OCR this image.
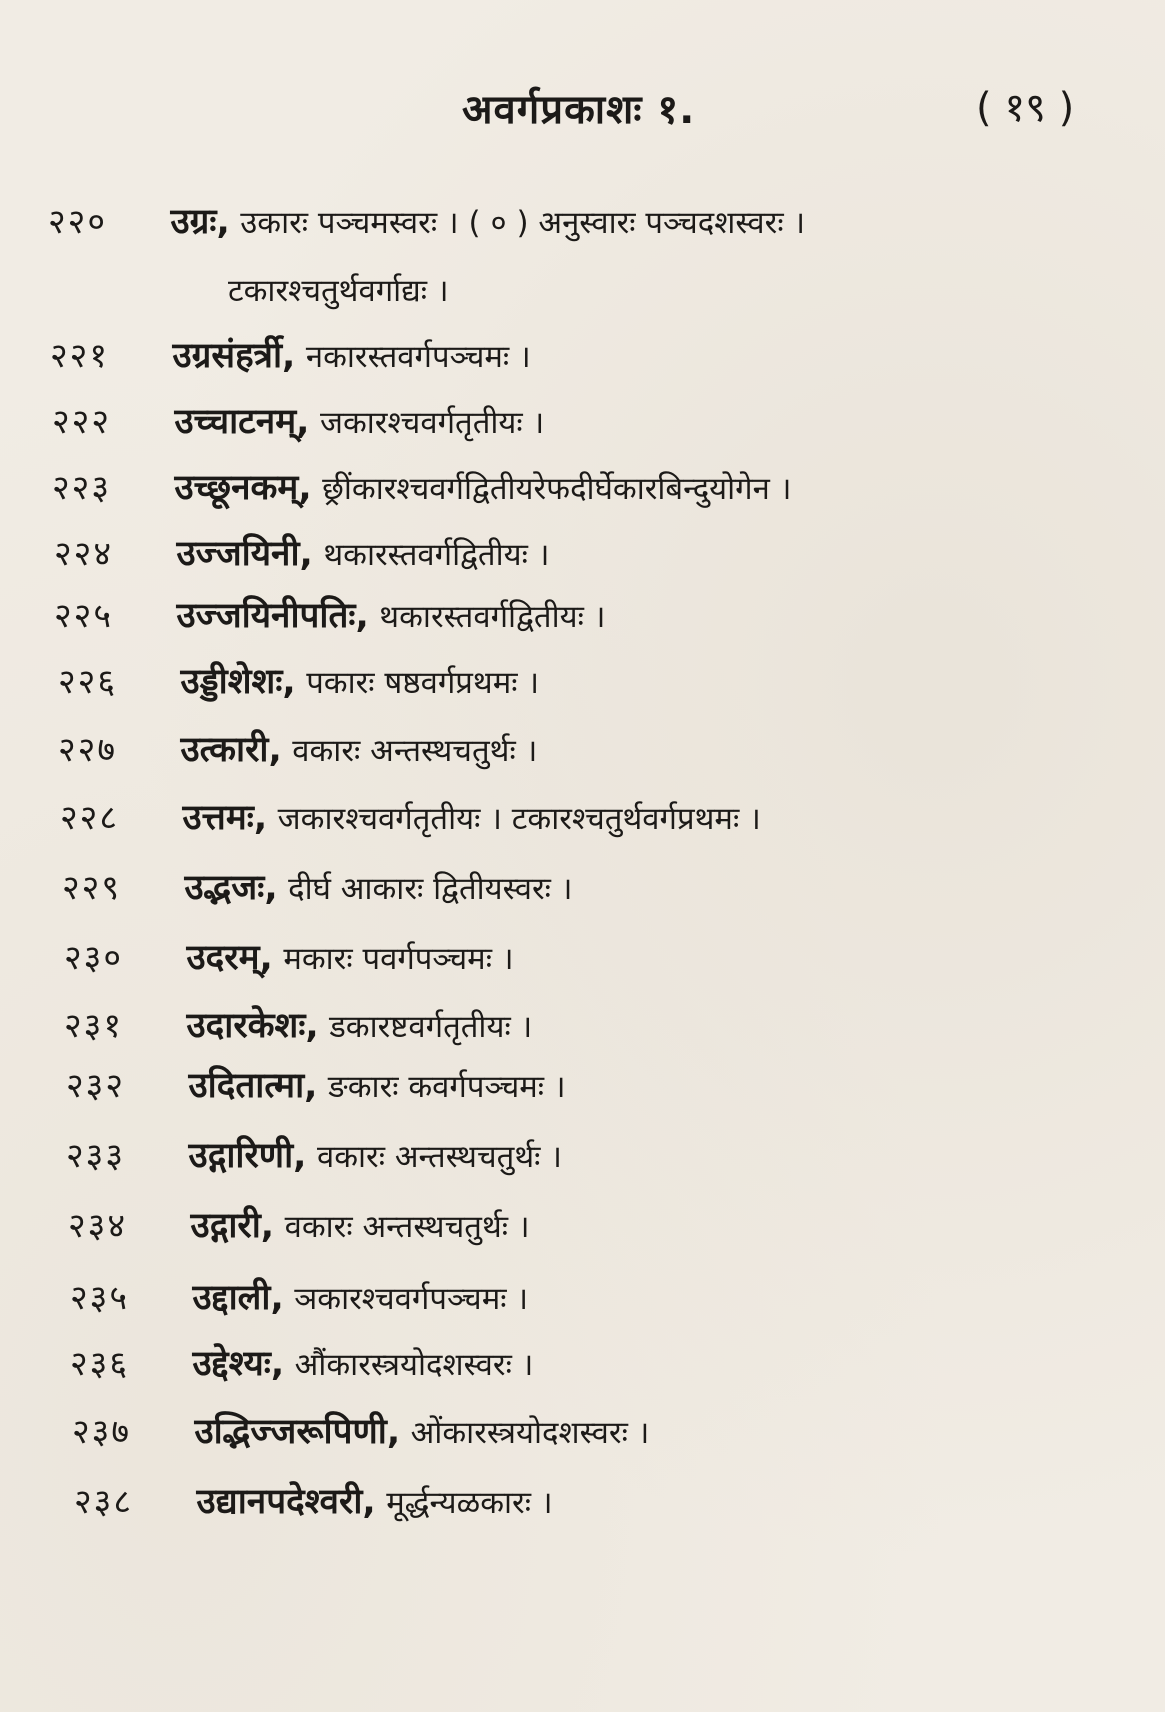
अवर्गप्रकाशः १.	( १९ )
२२० उग्रः, उकारः पञ्चमस्वरः । ( ० ) अनुस्वारः पञ्चदशस्वरः ।
टकारश्चतुर्थवर्गाद्यः ।
२२१ उग्रसंहर्त्री, नकारस्तवर्गपञ्चमः ।
२२२ उच्चाटनम्, जकारश्चवर्गतृतीयः ।
२२३ उच्छूनकम्, छ्रींकारश्चवर्गद्वितीयरेफदीर्घेकारबिन्दुयोगेन ।
२२४ उज्जयिनी, थकारस्तवर्गद्वितीयः ।
२२५ उज्जयिनीपतिः, थकारस्तवर्गद्वितीयः ।
२२६ उड्डीशेशः, पकारः षष्ठवर्गप्रथमः ।
२२७ उत्कारी, वकारः अन्तस्थचतुर्थः ।
२२८ उत्तमः, जकारश्चवर्गतृतीयः । टकारश्चतुर्थवर्गप्रथमः ।
२२९ उद्भजः, दीर्घ आकारः द्वितीयस्वरः ।
२३० उदरम्, मकारः पवर्गपञ्चमः ।
२३१ उदारकेशः, डकारष्टवर्गतृतीयः ।
२३२ उदितात्मा, ङकारः कवर्गपञ्चमः ।
२३३ उद्गारिणी, वकारः अन्तस्थचतुर्थः ।
२३४ उद्गारी, वकारः अन्तस्थचतुर्थः ।
२३५ उद्दाली, ञकारश्चवर्गपञ्चमः ।
२३६ उद्देश्यः, औंकारस्त्रयोदशस्वरः ।
२३७ उद्भिज्जरूपिणी, ओंकारस्त्रयोदशस्वरः ।
२३८ उद्यानपदेश्वरी, मूर्द्धन्यळकारः ।
